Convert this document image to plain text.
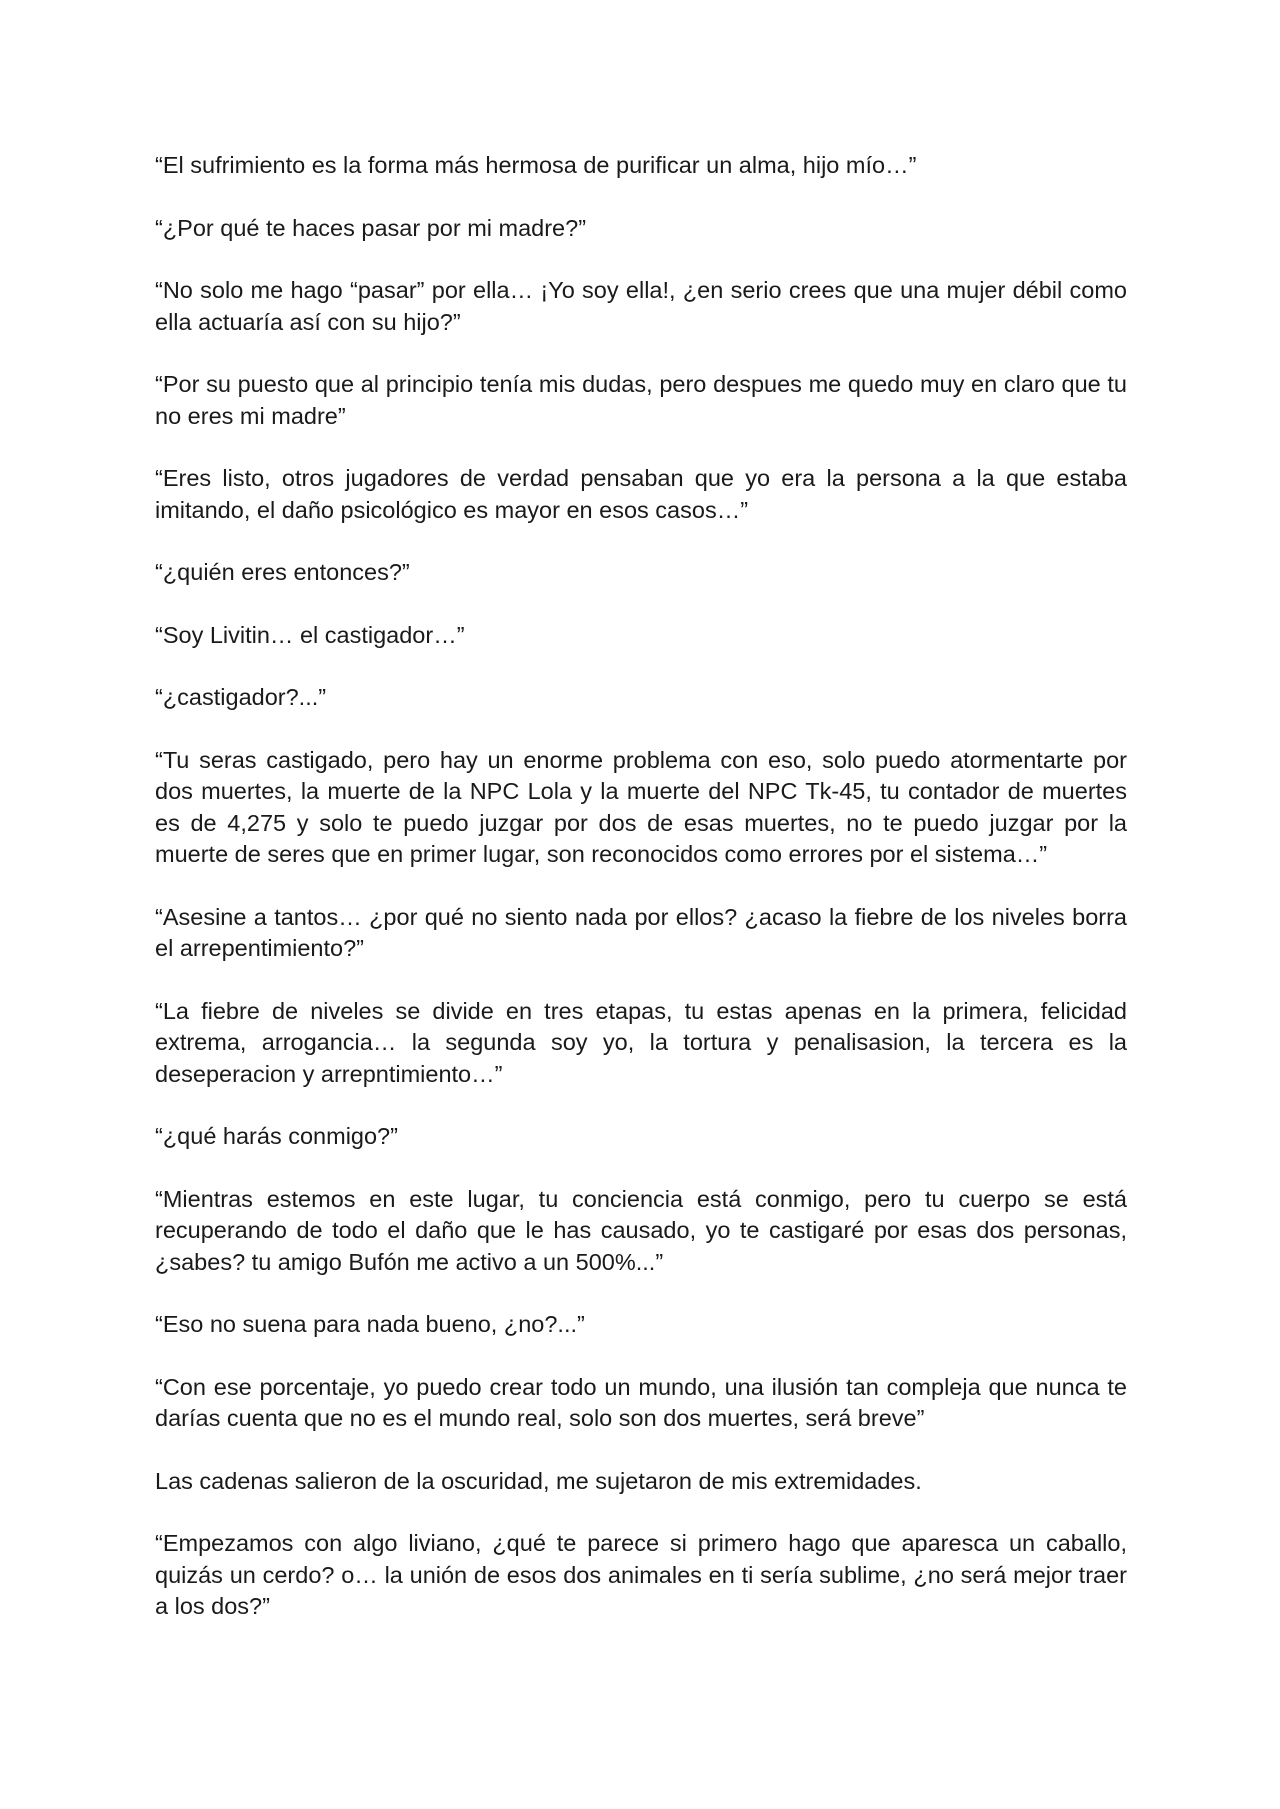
“El sufrimiento es la forma más hermosa de purificar un alma, hijo mío…”

“¿Por qué te haces pasar por mi madre?”

“No solo me hago “pasar” por ella… ¡Yo soy ella!, ¿en serio crees que una mujer débil como ella actuaría así con su hijo?”

“Por su puesto que al principio tenía mis dudas, pero despues me quedo muy en claro que tu no eres mi madre”

“Eres listo, otros jugadores de verdad pensaban que yo era la persona a la que estaba imitando, el daño psicológico es mayor en esos casos…”

“¿quién eres entonces?”

“Soy Livitin… el castigador…”

“¿castigador?...”

“Tu seras castigado, pero hay un enorme problema con eso, solo puedo atormentarte por dos muertes, la muerte de la NPC Lola y la muerte del NPC Tk-45, tu contador de muertes es de 4,275 y solo te puedo juzgar por dos de esas muertes, no te puedo juzgar por la muerte de seres que en primer lugar, son reconocidos como errores por el sistema…”

“Asesine a tantos… ¿por qué no siento nada por ellos? ¿acaso la fiebre de los niveles borra el arrepentimiento?”

“La fiebre de niveles se divide en tres etapas, tu estas apenas en la primera, felicidad extrema, arrogancia… la segunda soy yo, la tortura y penalisasion, la tercera es la deseperacion y arrepntimiento…”

“¿qué harás conmigo?”

“Mientras estemos en este lugar, tu conciencia está conmigo, pero tu cuerpo se está recuperando de todo el daño que le has causado, yo te castigaré por esas dos personas, ¿sabes? tu amigo Bufón me activo a un 500%...”

“Eso no suena para nada bueno, ¿no?...”

“Con ese porcentaje, yo puedo crear todo un mundo, una ilusión tan compleja que nunca te darías cuenta que no es el mundo real, solo son dos muertes, será breve”

Las cadenas salieron de la oscuridad, me sujetaron de mis extremidades.

“Empezamos con algo liviano, ¿qué te parece si primero hago que aparesca un caballo, quizás un cerdo? o… la unión de esos dos animales en ti sería sublime, ¿no será mejor traer a los dos?”
